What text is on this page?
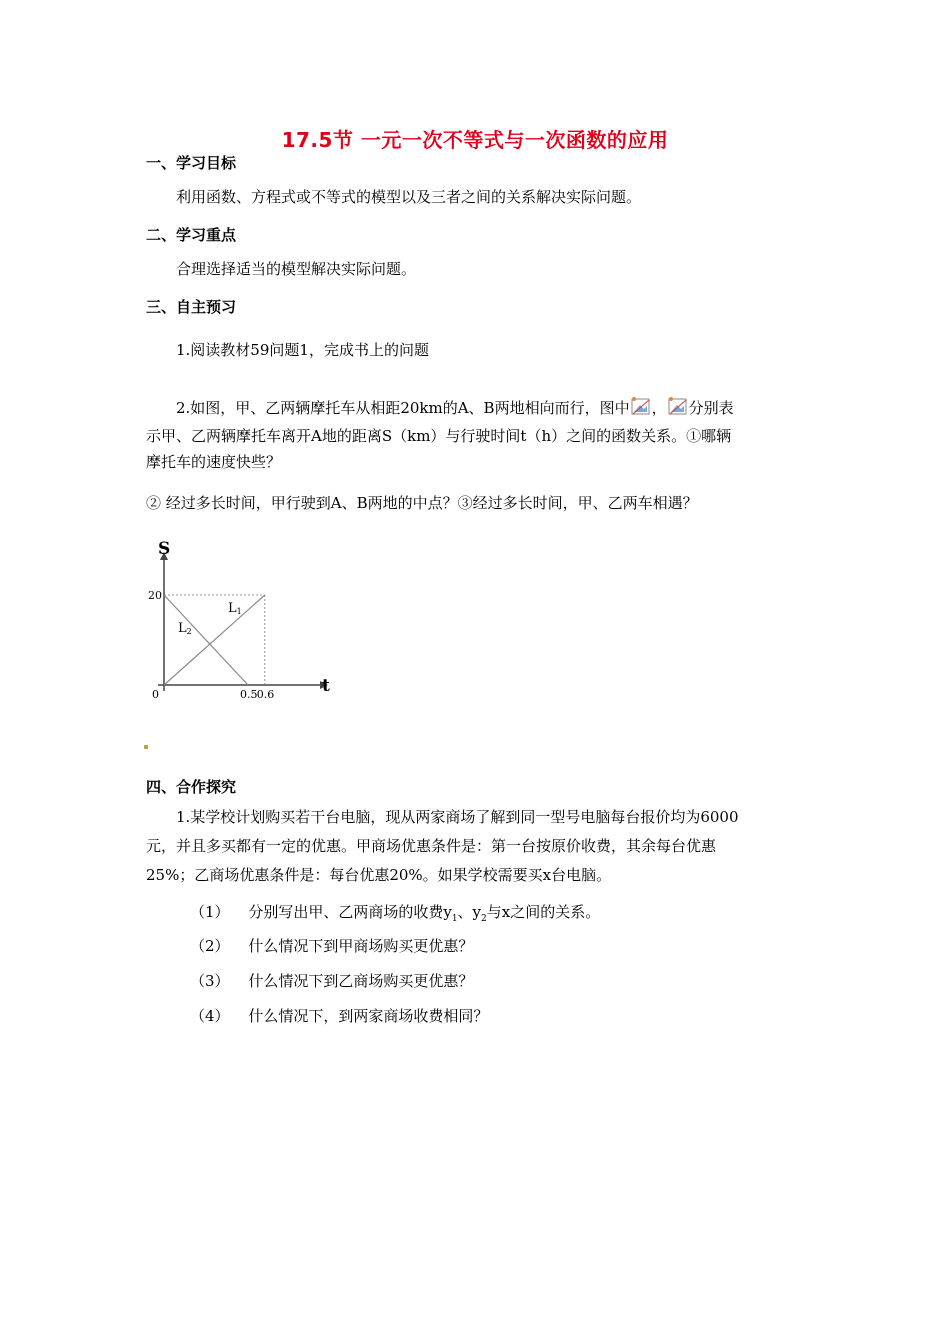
17.5节 一元一次不等式与一次函数的应用
一、学习目标
利用函数、方程式或不等式的模型以及三者之间的关系解决实际问题。
二、学习重点
合理选择适当的模型解决实际问题。
三、自主预习
1.阅读教材59问题1，完成书上的问题
2.如图，甲、乙两辆摩托车从相距20km的A、B两地相向而行，图中 ， 分别表
示甲、乙两辆摩托车离开A地的距离S（km）与行驶时间t（h）之间的函数关系。①哪辆
摩托车的速度快些？
② 经过多长时间，甲行驶到A、B两地的中点？③经过多长时间，甲、乙两车相遇？
S
t
0
20
0.5 0.6
L1
L2
四、合作探究
1.某学校计划购买若干台电脑，现从两家商场了解到同一型号电脑每台报价均为6000
元，并且多买都有一定的优惠。甲商场优惠条件是：第一台按原价收费，其余每台优惠
25%；乙商场优惠条件是：每台优惠20%。如果学校需要买x台电脑。
（1） 分别写出甲、乙两商场的收费$y_1$、$y_2$与x之间的关系。
（2） 什么情况下到甲商场购买更优惠？
（3） 什么情况下到乙商场购买更优惠？
（4） 什么情况下，到两家商场收费相同？
